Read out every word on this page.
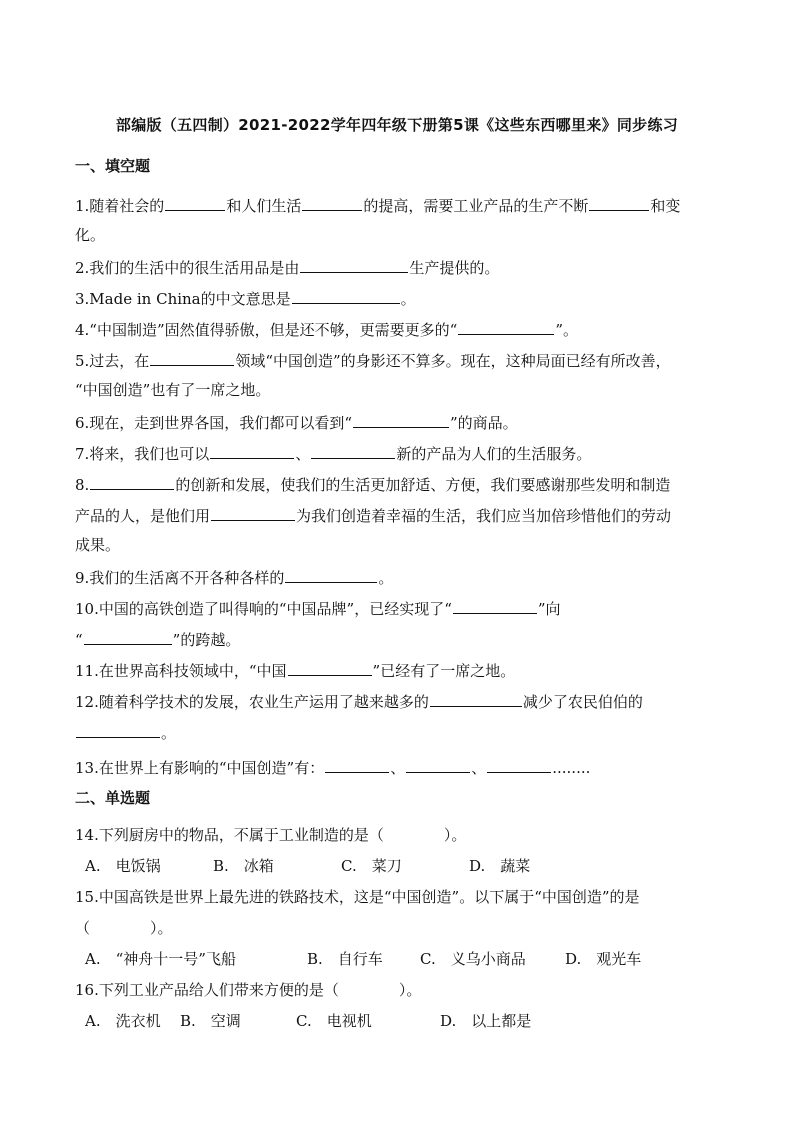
部编版（五四制）2021-2022学年四年级下册第5课《这些东西哪里来》同步练习
一、填空题
1.随着社会的	和人们生活	的提高，需要工业产品的生产不断	和变
化。
2.我们的生活中的很生活用品是由	生产提供的。
3.Made in China的中文意思是	。
4.“中国制造”固然值得骄傲，但是还不够，更需要更多的“	”。
5.过去，在	领域“中国创造”的身影还不算多。现在，这种局面已经有所改善，
“中国创造”也有了一席之地。
6.现在，走到世界各国，我们都可以看到“	”的商品。
7.将来，我们也可以	、	新的产品为人们的生活服务。
8.	的创新和发展，使我们的生活更加舒适、方便，我们要感谢那些发明和制造
产品的人，是他们用	为我们创造着幸福的生活，我们应当加倍珍惜他们的劳动
成果。
9.我们的生活离不开各种各样的	。
10.中国的高铁创造了叫得响的“中国品牌”，已经实现了“	”向
“	”的跨越。
11.在世界高科技领域中，“中国	”已经有了一席之地。
12.随着科学技术的发展，农业生产运用了越来越多的	减少了农民伯伯的
。
13.在世界上有影响的“中国创造”有：	、	、	........
二、单选题
14.下列厨房中的物品，不属于工业制造的是（　　　　）。
A.　电饭锅	B.　冰箱	C.　菜刀	D.　蔬菜
15.中国高铁是世界上最先进的铁路技术，这是“中国创造”。以下属于“中国创造”的是
（　　　　）。
A.　“神舟十一号”飞船	B.　自行车 C.　义乌小商品	D.　观光车
16.下列工业产品给人们带来方便的是（　　　　）。
A.　洗衣机 B.　空调	C.　电视机	D.　以上都是
